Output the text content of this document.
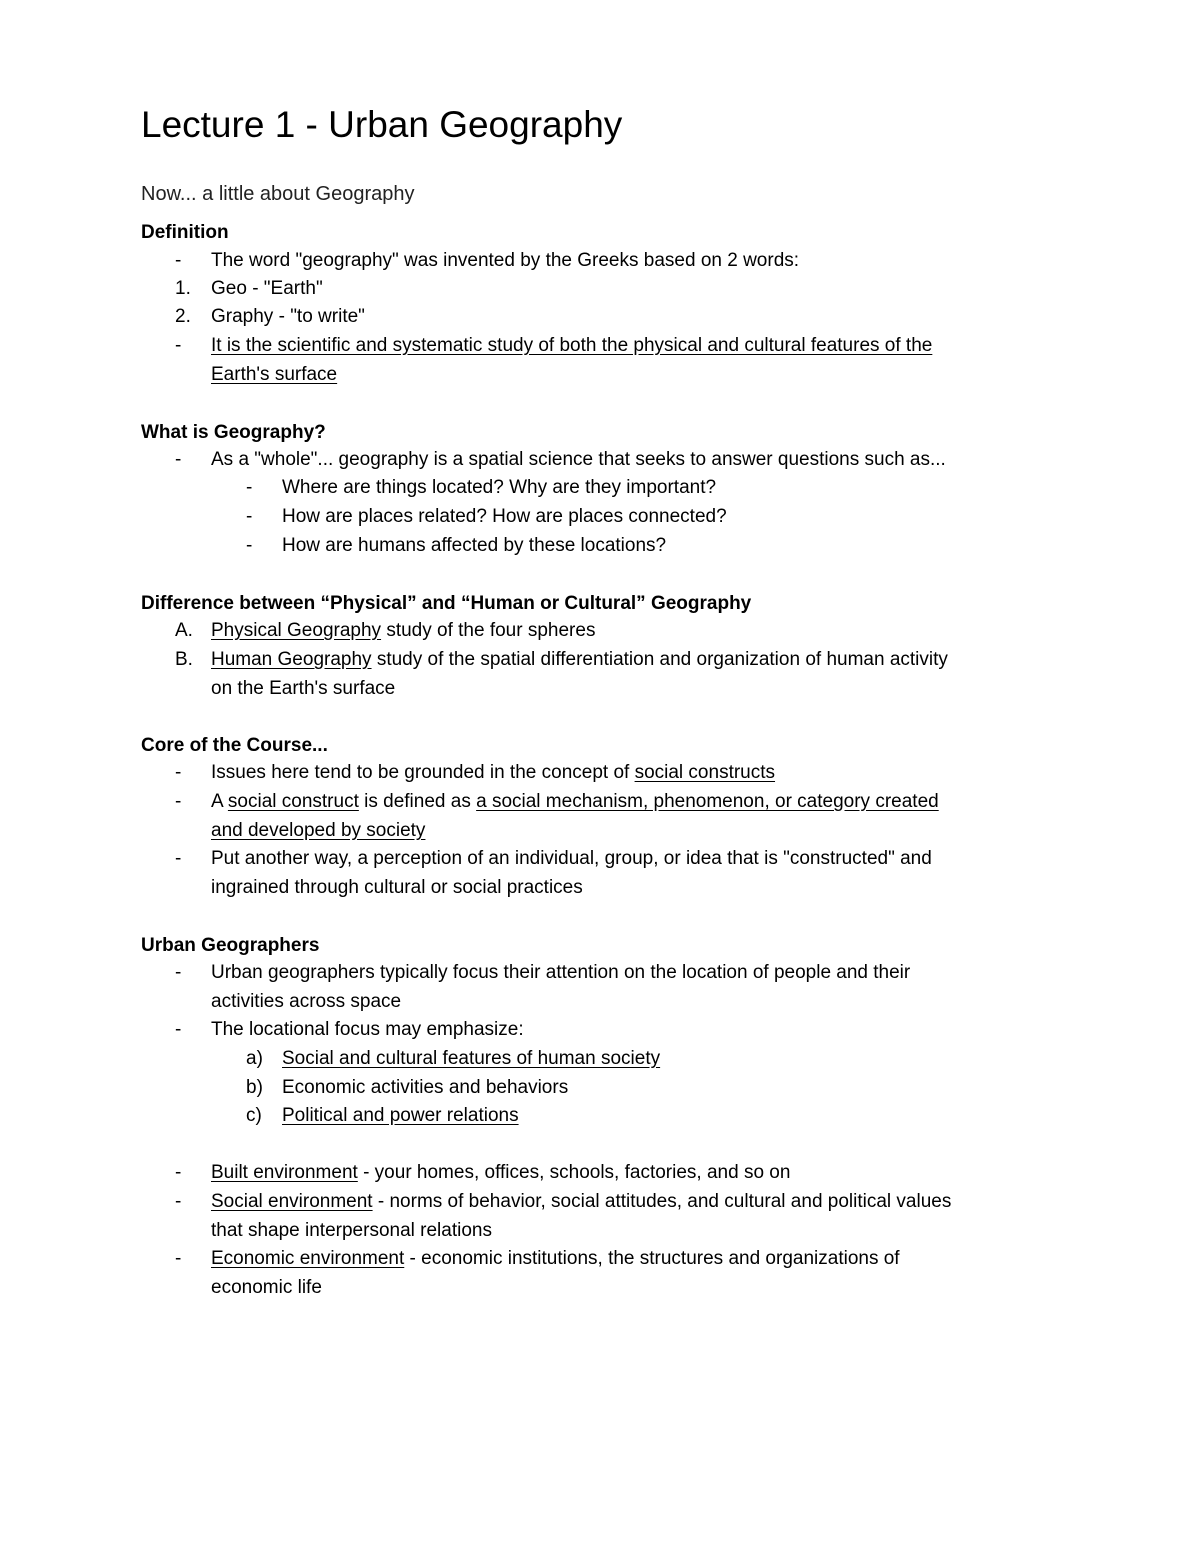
Lecture 1 - Urban Geography
Now... a little about Geography
Definition
-	The word "geography" was invented by the Greeks based on 2 words:
1.	Geo - "Earth"
2.	Graphy - "to write"
-	It is the scientific and systematic study of both the physical and cultural features of the
Earth's surface
What is Geography?
-	As a "whole"... geography is a spatial science that seeks to answer questions such as...
-	Where are things located? Why are they important?
-	How are places related? How are places connected?
-	How are humans affected by these locations?
Difference between “Physical” and “Human or Cultural” Geography
A. Physical Geography study of the four spheres
B. Human Geography study of the spatial differentiation and organization of human activity
on the Earth's surface
Core of the Course...
-	Issues here tend to be grounded in the concept of social constructs
-	A social construct is defined as a social mechanism, phenomenon, or category created
and developed by society
-	Put another way, a perception of an individual, group, or idea that is "constructed" and
ingrained through cultural or social practices
Urban Geographers
-	Urban geographers typically focus their attention on the location of people and their
activities across space
-	The locational focus may emphasize:
a)	Social and cultural features of human society
b)	Economic activities and behaviors
c)	Political and power relations
-	Built environment - your homes, offices, schools, factories, and so on
-	Social environment - norms of behavior, social attitudes, and cultural and political values
that shape interpersonal relations
-	Economic environment - economic institutions, the structures and organizations of
economic life
